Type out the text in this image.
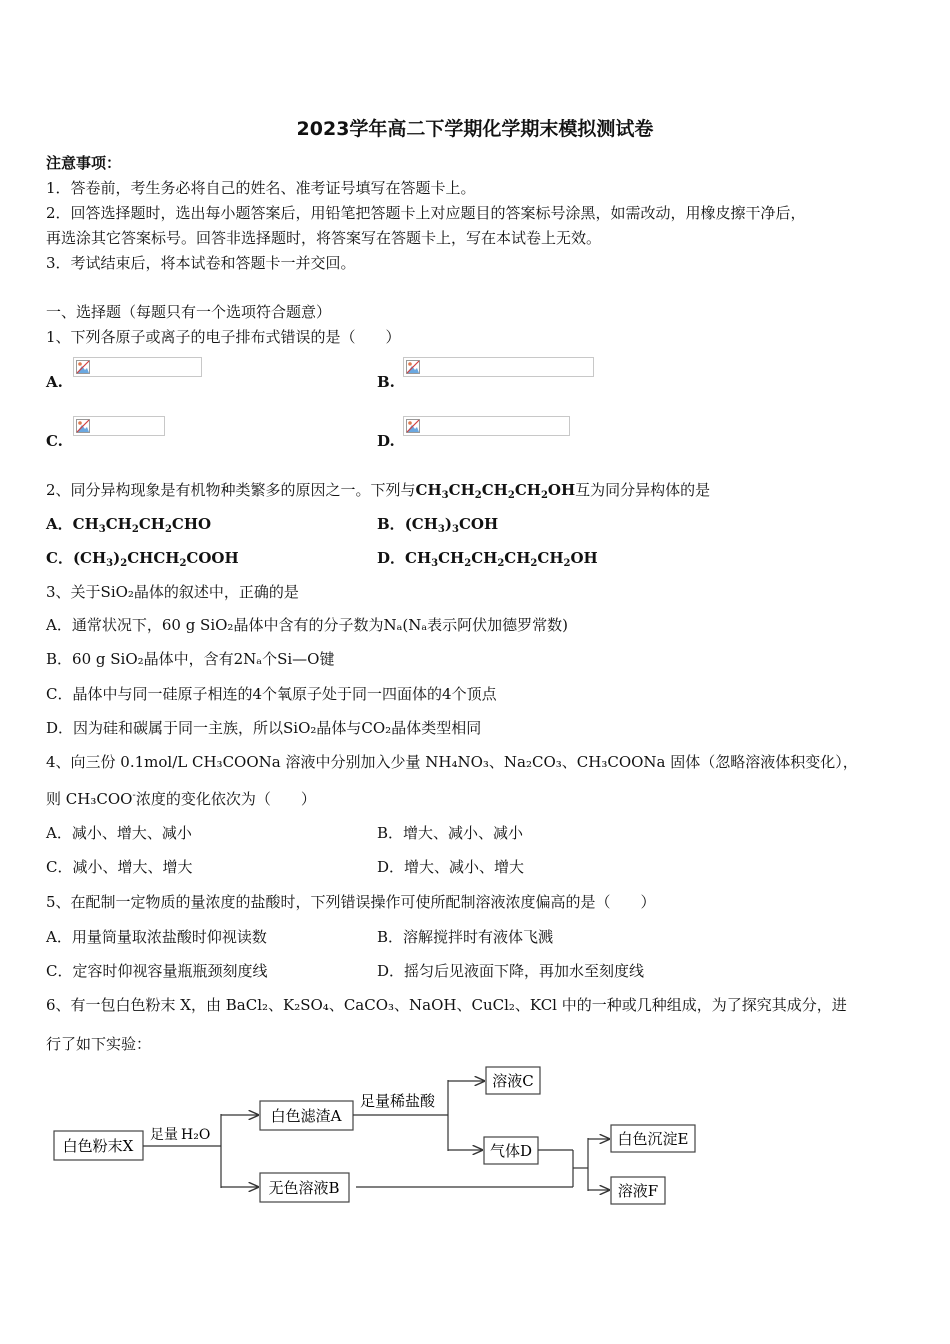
2023学年高二下学期化学期末模拟测试卷
注意事项：
1．答卷前，考生务必将自己的姓名、准考证号填写在答题卡上。
2．回答选择题时，选出每小题答案后，用铅笔把答题卡上对应题目的答案标号涂黑，如需改动，用橡皮擦干净后，
再选涂其它答案标号。回答非选择题时，将答案写在答题卡上，写在本试卷上无效。
3．考试结束后，将本试卷和答题卡一并交回。
一、选择题（每题只有一个选项符合题意）
1、下列各原子或离子的电子排布式错误的是（　　）
A.	B.
C.	D.
2、同分异构现象是有机物种类繁多的原因之一。下列与$CH_3CH_2CH_2CH_2OH$互为同分异构体的是
A．$CH_3CH_2CH_2CHO$	B．$(CH_3)_3COH$
C．$(CH_3)_2CHCH_2COOH$	D．$CH_3CH_2CH_2CH_2CH_2OH$
3、关于SiO₂晶体的叙述中，正确的是
A．通常状况下，60 g SiO₂晶体中含有的分子数为Nₐ(Nₐ表示阿伏加德罗常数)
B．60 g SiO₂晶体中，含有2Nₐ个Si—O键
C．晶体中与同一硅原子相连的4个氧原子处于同一四面体的4个顶点
D．因为硅和碳属于同一主族，所以SiO₂晶体与CO₂晶体类型相同
4、向三份 0.1mol/L CH₃COONa 溶液中分别加入少量 NH₄NO₃、Na₂CO₃、CH₃COONa 固体（忽略溶液体积变化），
则 CH₃COO-浓度的变化依次为（　　）
A．减小、增大、减小	B．增大、减小、减小
C．减小、增大、增大	D．增大、减小、增大
5、在配制一定物质的量浓度的盐酸时，下列错误操作可使所配制溶液浓度偏高的是（　　）
A．用量筒量取浓盐酸时仰视读数	B．溶解搅拌时有液体飞溅
C．定容时仰视容量瓶瓶颈刻度线	D．摇匀后见液面下降，再加水至刻度线
6、有一包白色粉末 X，由 BaCl₂、K₂SO₄、CaCO₃、NaOH、CuCl₂、KCl 中的一种或几种组成，为了探究其成分，进
行了如下实验：
白色粉末X
白色滤渣A
溶液C
气体D
无色溶液B
白色沉淀E
溶液F
足量 H₂O
足量稀盐酸
